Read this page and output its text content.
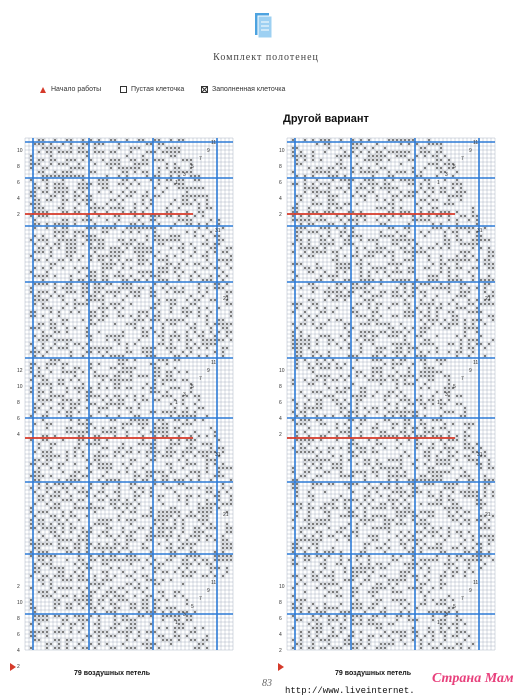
Комплект полотенец
Начало работы	Пустая клеточка	Заполненная клеточка
Другой вариант
10
8
6
4
2
12
10
8
6
4
2
10
8
6
4
2
11
9
7
5
3
1
31
21
11
9
7
5
3
1
31
21
11
9
7
5
3
1
10
8
6
4
2
10
8
6
4
2
10
8
6
4
2
11
9
7
5
3
1
31
21
11
9
7
5
3
1
31
21
11
9
7
5
3
1
79 воздушных петель	79 воздушных петель
83
http://www.liveinternet.
Страна Мам
